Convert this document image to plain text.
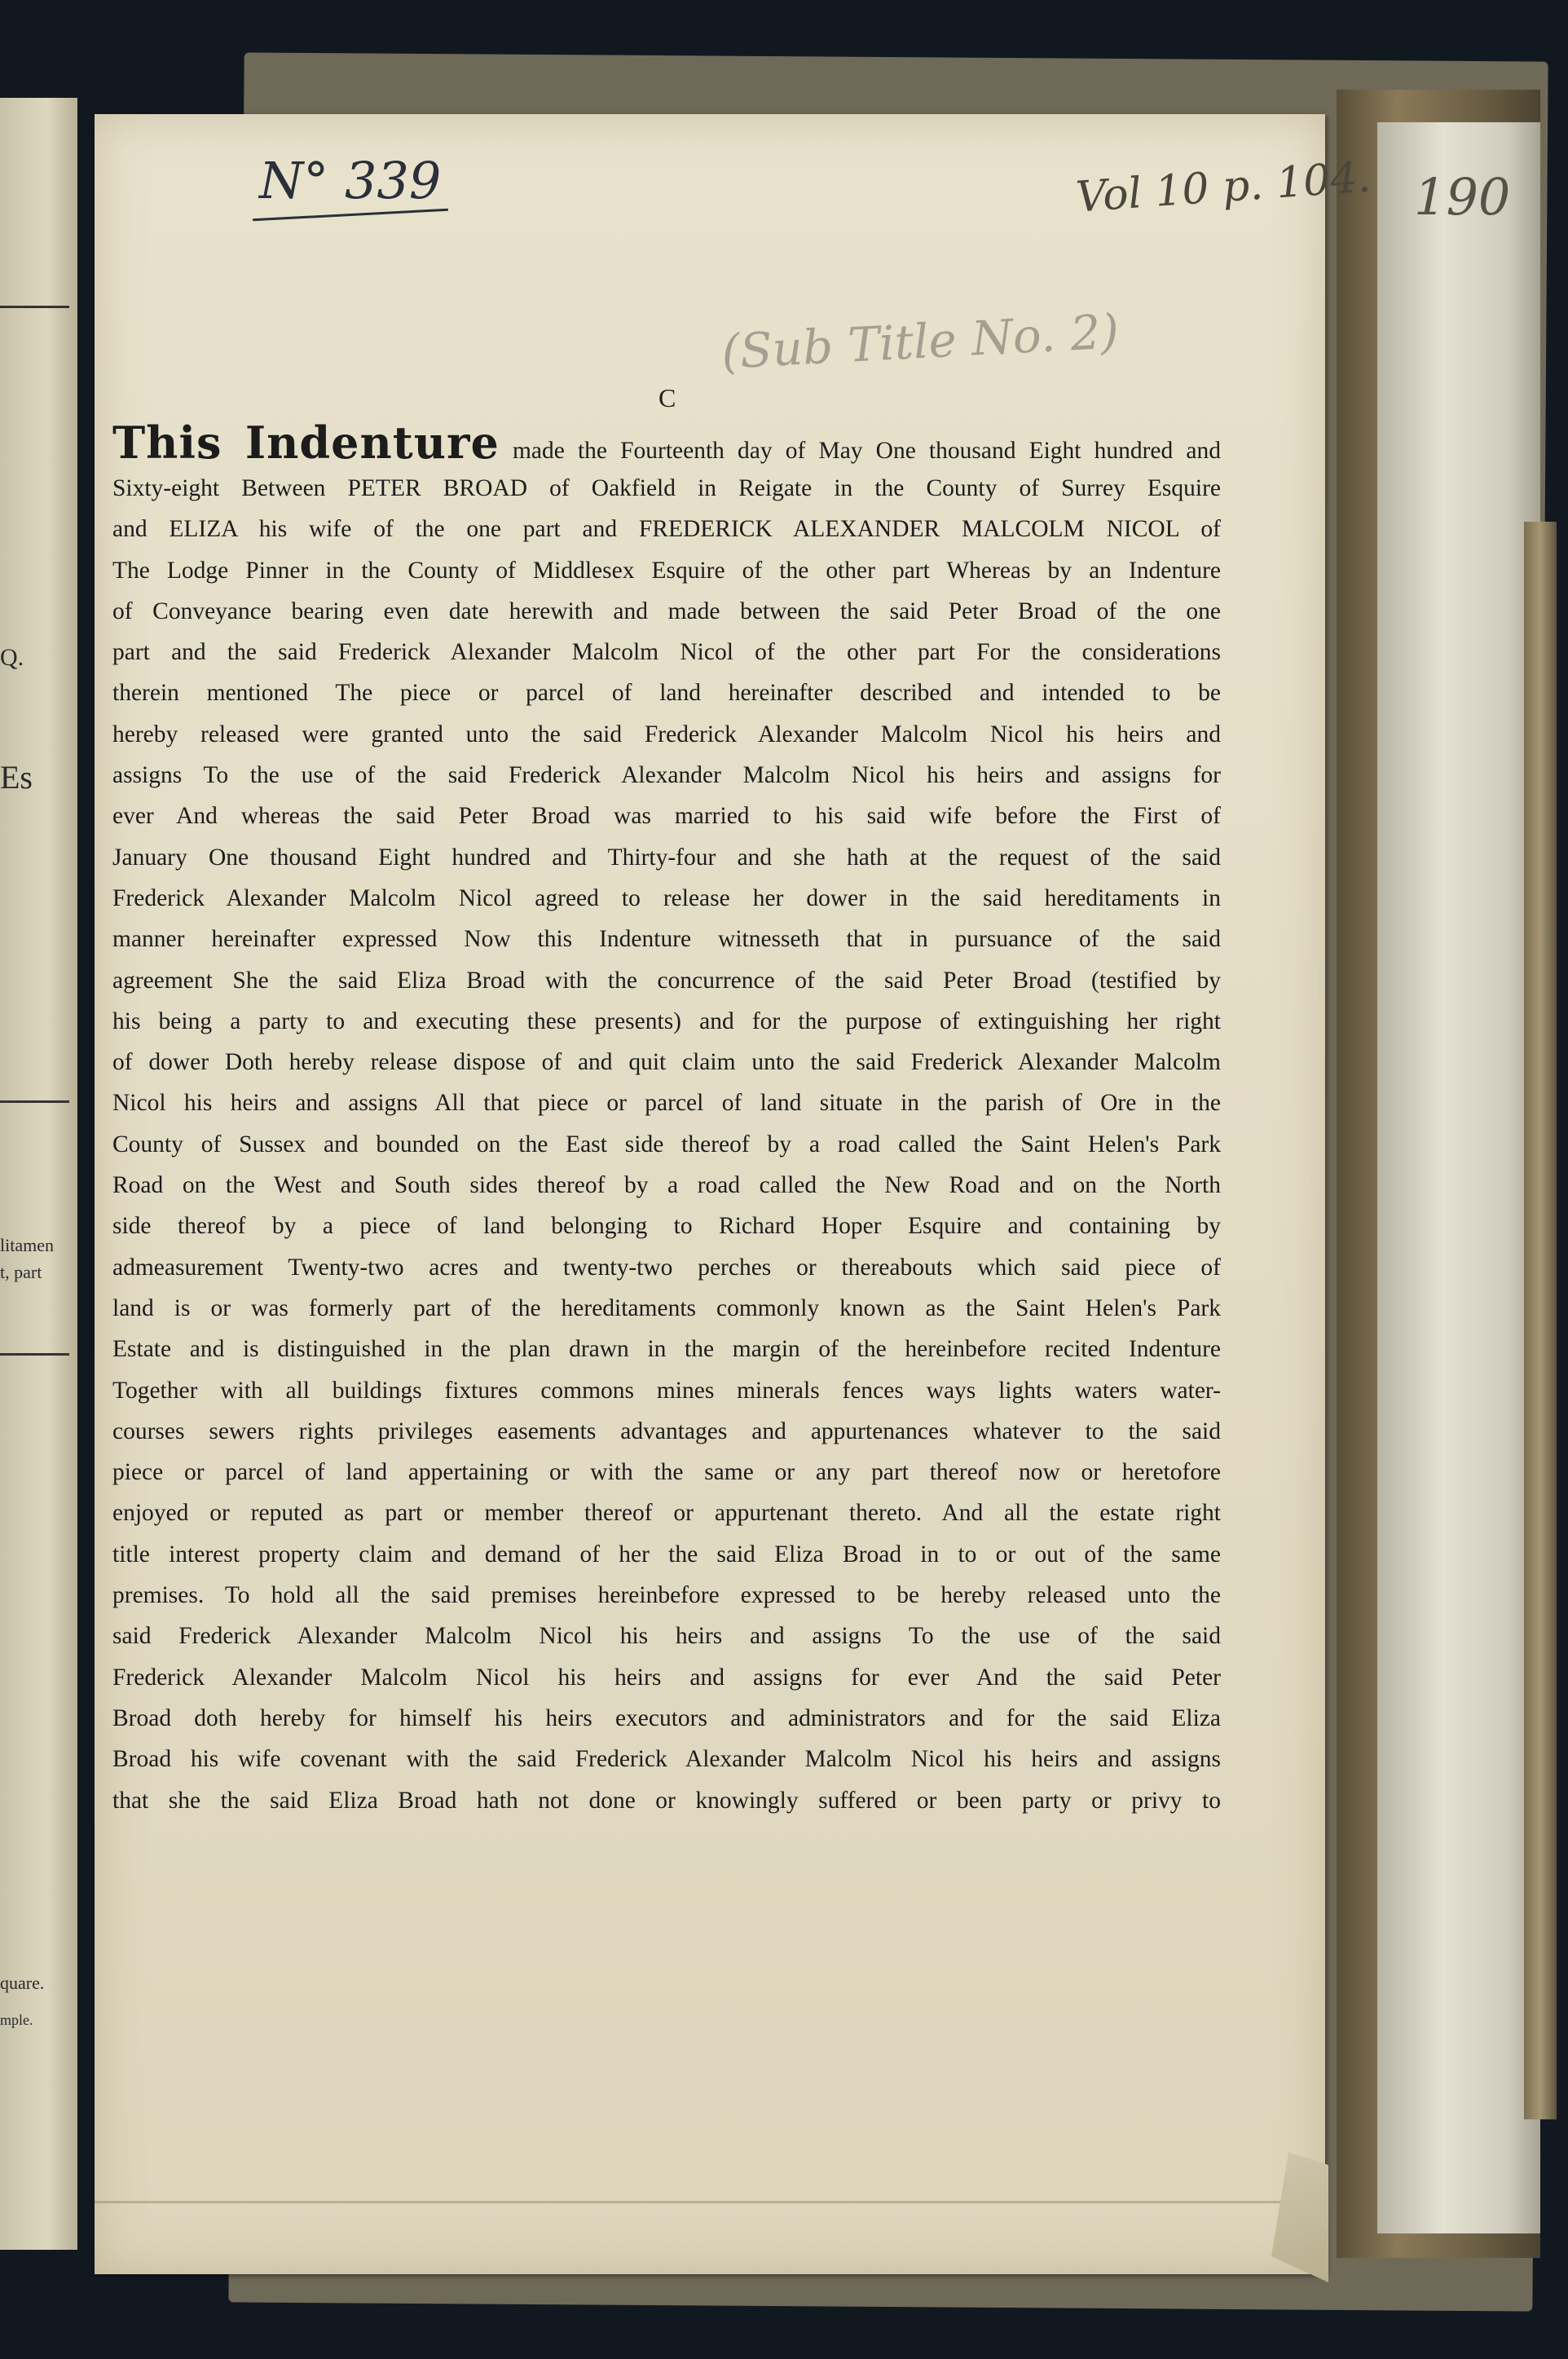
Q.
Es
litamen
t, part
quare.
mple.
N° 339	Vol 10 p. 104.
(Sub Title No. 2)
190
C
This Indenture made the Fourteenth day of May One thousand Eight hundred and
Sixty-eight Between PETER BROAD of Oakfield in Reigate in the County of Surrey Esquire
and ELIZA his wife of the one part and FREDERICK ALEXANDER MALCOLM NICOL of
The Lodge Pinner in the County of Middlesex Esquire of the other part Whereas by an Indenture
of Conveyance bearing even date herewith and made between the said Peter Broad of the one
part and the said Frederick Alexander Malcolm Nicol of the other part For the considerations
therein mentioned The piece or parcel of land hereinafter described and intended to be
hereby released were granted unto the said Frederick Alexander Malcolm Nicol his heirs and
assigns To the use of the said Frederick Alexander Malcolm Nicol his heirs and assigns for
ever And whereas the said Peter Broad was married to his said wife before the First of
January One thousand Eight hundred and Thirty-four and she hath at the request of the said
Frederick Alexander Malcolm Nicol agreed to release her dower in the said hereditaments in
manner hereinafter expressed Now this Indenture witnesseth that in pursuance of the said
agreement She the said Eliza Broad with the concurrence of the said Peter Broad (testified by
his being a party to and executing these presents) and for the purpose of extinguishing her right
of dower Doth hereby release dispose of and quit claim unto the said Frederick Alexander Malcolm
Nicol his heirs and assigns All that piece or parcel of land situate in the parish of Ore in the
County of Sussex and bounded on the East side thereof by a road called the Saint Helen's Park
Road on the West and South sides thereof by a road called the New Road and on the North
side thereof by a piece of land belonging to Richard Hoper Esquire and containing by
admeasurement Twenty-two acres and twenty-two perches or thereabouts which said piece of
land is or was formerly part of the hereditaments commonly known as the Saint Helen's Park
Estate and is distinguished in the plan drawn in the margin of the hereinbefore recited Indenture
Together with all buildings fixtures commons mines minerals fences ways lights waters water-
courses sewers rights privileges easements advantages and appurtenances whatever to the said
piece or parcel of land appertaining or with the same or any part thereof now or heretofore
enjoyed or reputed as part or member thereof or appurtenant thereto. And all the estate right
title interest property claim and demand of her the said Eliza Broad in to or out of the same
premises. To hold all the said premises hereinbefore expressed to be hereby released unto the
said Frederick Alexander Malcolm Nicol his heirs and assigns To the use of the said
Frederick Alexander Malcolm Nicol his heirs and assigns for ever And the said Peter
Broad doth hereby for himself his heirs executors and administrators and for the said Eliza
Broad his wife covenant with the said Frederick Alexander Malcolm Nicol his heirs and assigns
that she the said Eliza Broad hath not done or knowingly suffered or been party or privy to
